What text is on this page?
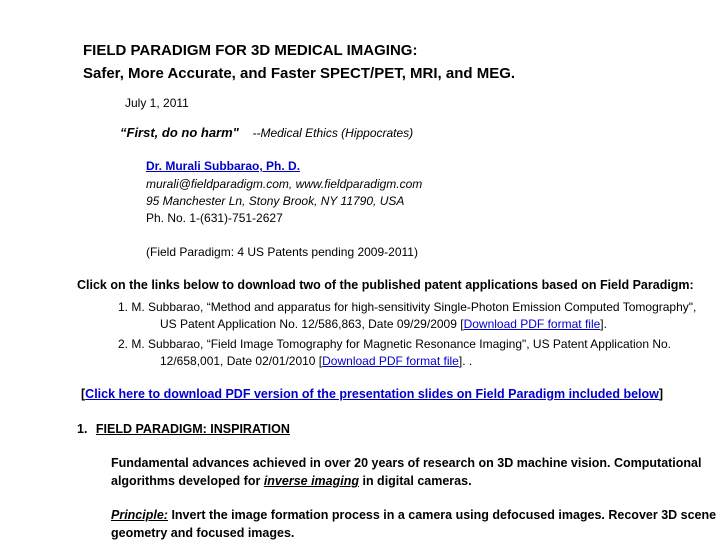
FIELD PARADIGM FOR 3D MEDICAL IMAGING:
Safer, More Accurate, and Faster SPECT/PET, MRI, and MEG.
July 1, 2011
“First, do no harm" --Medical Ethics (Hippocrates)
Dr. Murali Subbarao, Ph. D.
murali@fieldparadigm.com, www.fieldparadigm.com
95 Manchester Ln, Stony Brook, NY 11790, USA
Ph. No. 1-(631)-751-2627
(Field Paradigm: 4 US Patents pending 2009-2011)
Click on the links below to download two of the published patent applications based on Field Paradigm:
1. M. Subbarao, “Method and apparatus for high-sensitivity Single-Photon Emission Computed Tomography",
US Patent Application No. 12/586,863, Date 09/29/2009 [Download PDF format file].
2. M. Subbarao, “Field Image Tomography for Magnetic Resonance Imaging", US Patent Application No.
12/658,001, Date 02/01/2010 [Download PDF format file]. .
[Click here to download PDF version of the presentation slides on Field Paradigm included below]
1. FIELD PARADIGM: INSPIRATION
Fundamental advances achieved in over 20 years of research on 3D machine vision. Computational
algorithms developed for inverse imaging in digital cameras.
Principle: Invert the image formation process in a camera using defocused images. Recover 3D scene
geometry and focused images.
